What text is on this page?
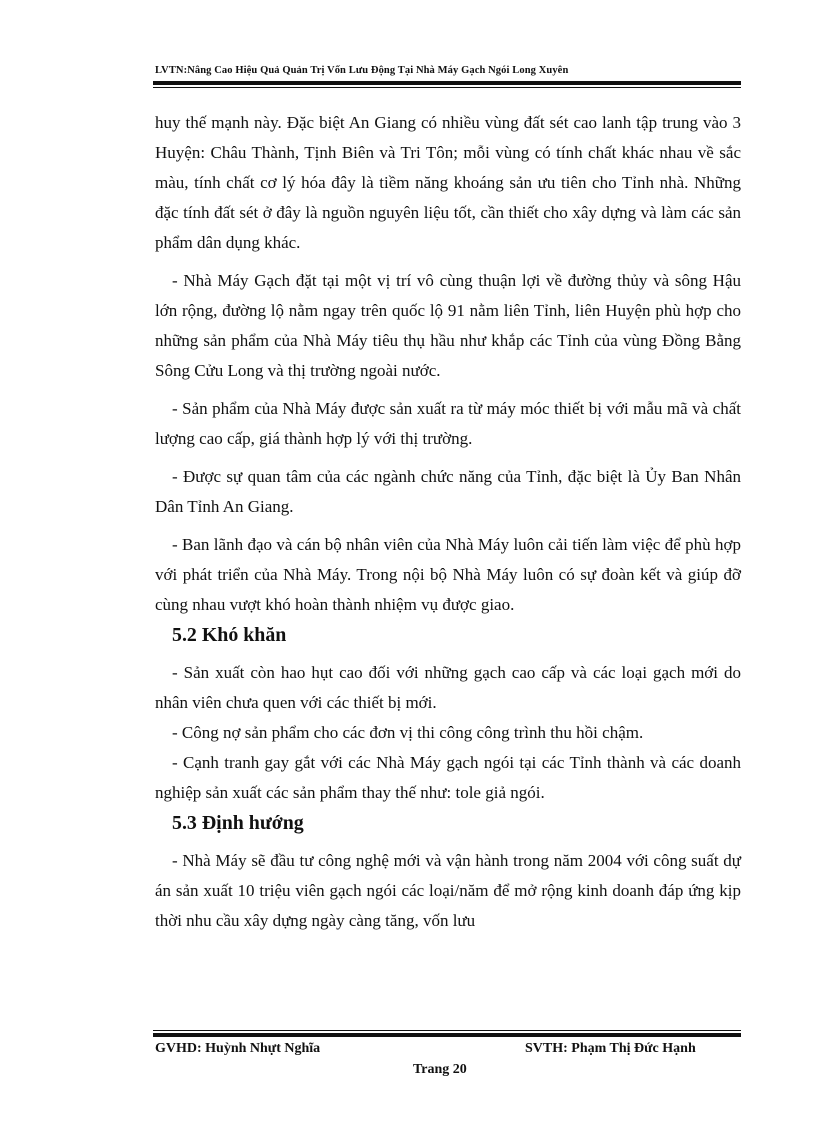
LVTN:Nâng Cao Hiệu Quả Quản Trị Vốn Lưu Động Tại Nhà Máy Gạch Ngói Long Xuyên

huy thế mạnh này. Đặc biệt An Giang có nhiều vùng đất sét cao lanh tập trung vào 3 Huyện: Châu Thành, Tịnh Biên và Tri Tôn; mỗi vùng có tính chất khác nhau về sắc màu, tính chất cơ lý hóa đây là tiềm năng khoáng sản ưu tiên cho Tỉnh nhà. Những đặc tính đất sét ở đây là nguồn nguyên liệu tốt, cần thiết cho xây dựng và làm các sản phẩm dân dụng khác.

- Nhà Máy Gạch đặt tại một vị trí vô cùng thuận lợi về đường thủy và sông Hậu lớn rộng, đường lộ nằm ngay trên quốc lộ 91 nằm liên Tỉnh, liên Huyện phù hợp cho những sản phẩm của Nhà Máy tiêu thụ hầu như khắp các Tỉnh của vùng Đồng Bằng Sông Cửu Long và thị trường ngoài nước.

- Sản phẩm của Nhà Máy được sản xuất ra từ máy móc thiết bị với mẫu mã và chất lượng cao cấp, giá thành hợp lý với thị trường.

- Được sự quan tâm của các ngành chức năng của Tỉnh, đặc biệt là Ủy Ban Nhân Dân Tỉnh An Giang.

- Ban lãnh đạo và cán bộ nhân viên của Nhà Máy luôn cải tiến làm việc để phù hợp với phát triển của Nhà Máy. Trong nội bộ Nhà Máy luôn có sự đoàn kết và giúp đỡ cùng nhau vượt khó hoàn thành nhiệm vụ được giao.

5.2 Khó khăn

- Sản xuất còn hao hụt cao đối với những gạch cao cấp và các loại gạch mới do nhân viên chưa quen với các thiết bị mới.

- Công nợ sản phẩm cho các đơn vị thi công công trình thu hồi chậm.

- Cạnh tranh gay gắt với các Nhà Máy gạch ngói tại các Tỉnh thành và các doanh nghiệp sản xuất các sản phẩm thay thế như: tole giả ngói.

5.3 Định hướng

- Nhà Máy sẽ đầu tư công nghệ mới và vận hành trong năm 2004 với công suất dự án sản xuất 10 triệu viên gạch ngói các loại/năm để mở rộng kinh doanh đáp ứng kịp thời nhu cầu xây dựng ngày càng tăng, vốn lưu

GVHD: Huỳnh Nhựt Nghĩa	SVTH: Phạm Thị Đức Hạnh
Trang 20
